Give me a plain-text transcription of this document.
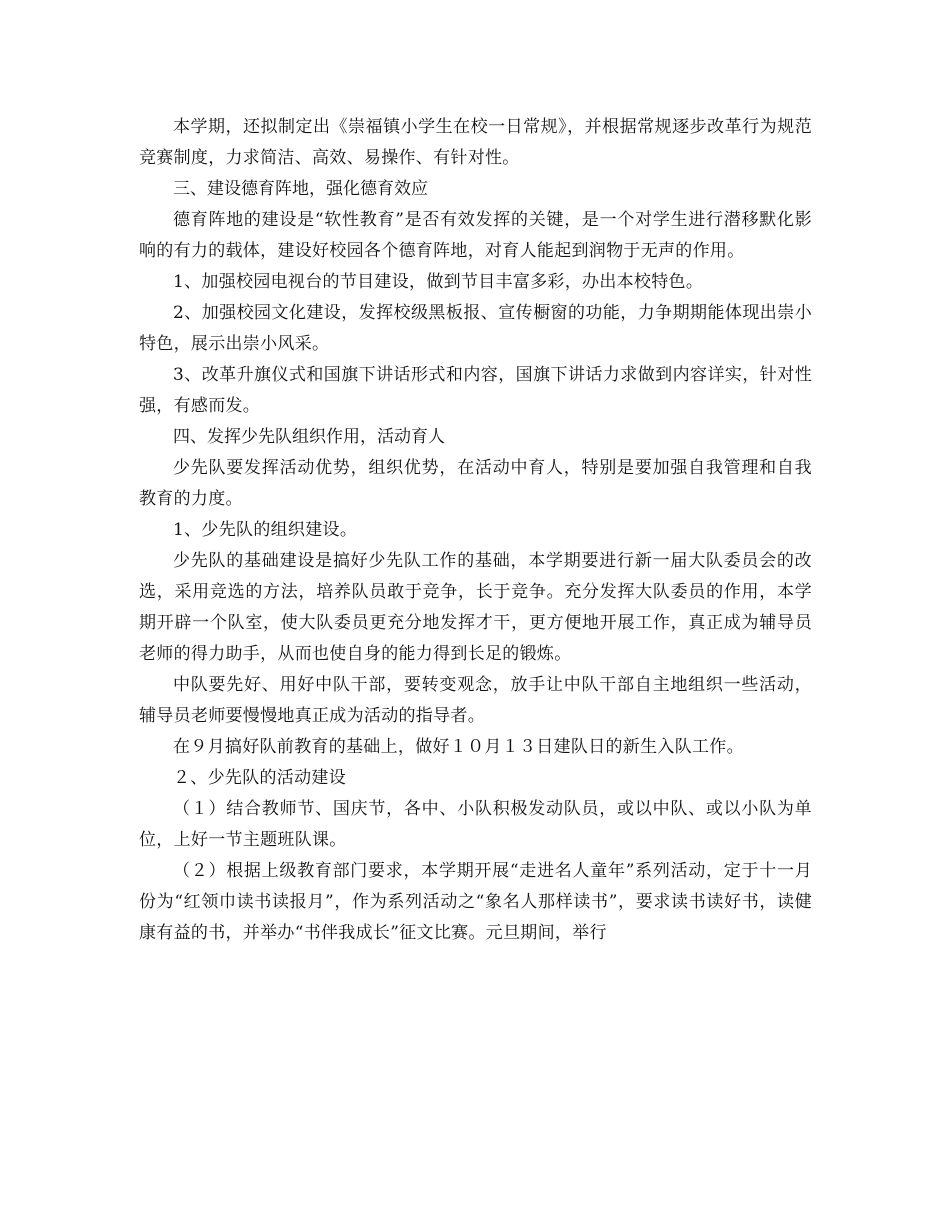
本学期，还拟制定出《崇福镇小学生在校一日常规》，并根据常规逐步改革行为规范竞赛制度，力求简洁、高效、易操作、有针对性。

三、建设德育阵地，强化德育效应

德育阵地的建设是“软性教育”是否有效发挥的关键，是一个对学生进行潜移默化影响的有力的载体，建设好校园各个德育阵地，对育人能起到润物于无声的作用。

1、加强校园电视台的节目建设，做到节目丰富多彩，办出本校特色。

2、加强校园文化建设，发挥校级黑板报、宣传橱窗的功能，力争期期能体现出崇小特色，展示出崇小风采。

3、改革升旗仪式和国旗下讲话形式和内容，国旗下讲话力求做到内容详实，针对性强，有感而发。

四、发挥少先队组织作用，活动育人

少先队要发挥活动优势，组织优势，在活动中育人，特别是要加强自我管理和自我教育的力度。

1、少先队的组织建设。

少先队的基础建设是搞好少先队工作的基础，本学期要进行新一届大队委员会的改选，采用竞选的方法，培养队员敢于竞争，长于竞争。充分发挥大队委员的作用，本学期开辟一个队室，使大队委员更充分地发挥才干，更方便地开展工作，真正成为辅导员老师的得力助手，从而也使自身的能力得到长足的锻炼。

中队要先好、用好中队干部，要转变观念，放手让中队干部自主地组织一些活动，辅导员老师要慢慢地真正成为活动的指导者。

在９月搞好队前教育的基础上，做好１０月１３日建队日的新生入队工作。

２、少先队的活动建设

（１）结合教师节、国庆节，各中、小队积极发动队员，或以中队、或以小队为单位，上好一节主题班队课。

（２）根据上级教育部门要求，本学期开展“走进名人童年”系列活动，定于十一月份为“红领巾读书读报月”，作为系列活动之“象名人那样读书”，要求读书读好书，读健康有益的书，并举办“书伴我成长”征文比赛。元旦期间，举行
